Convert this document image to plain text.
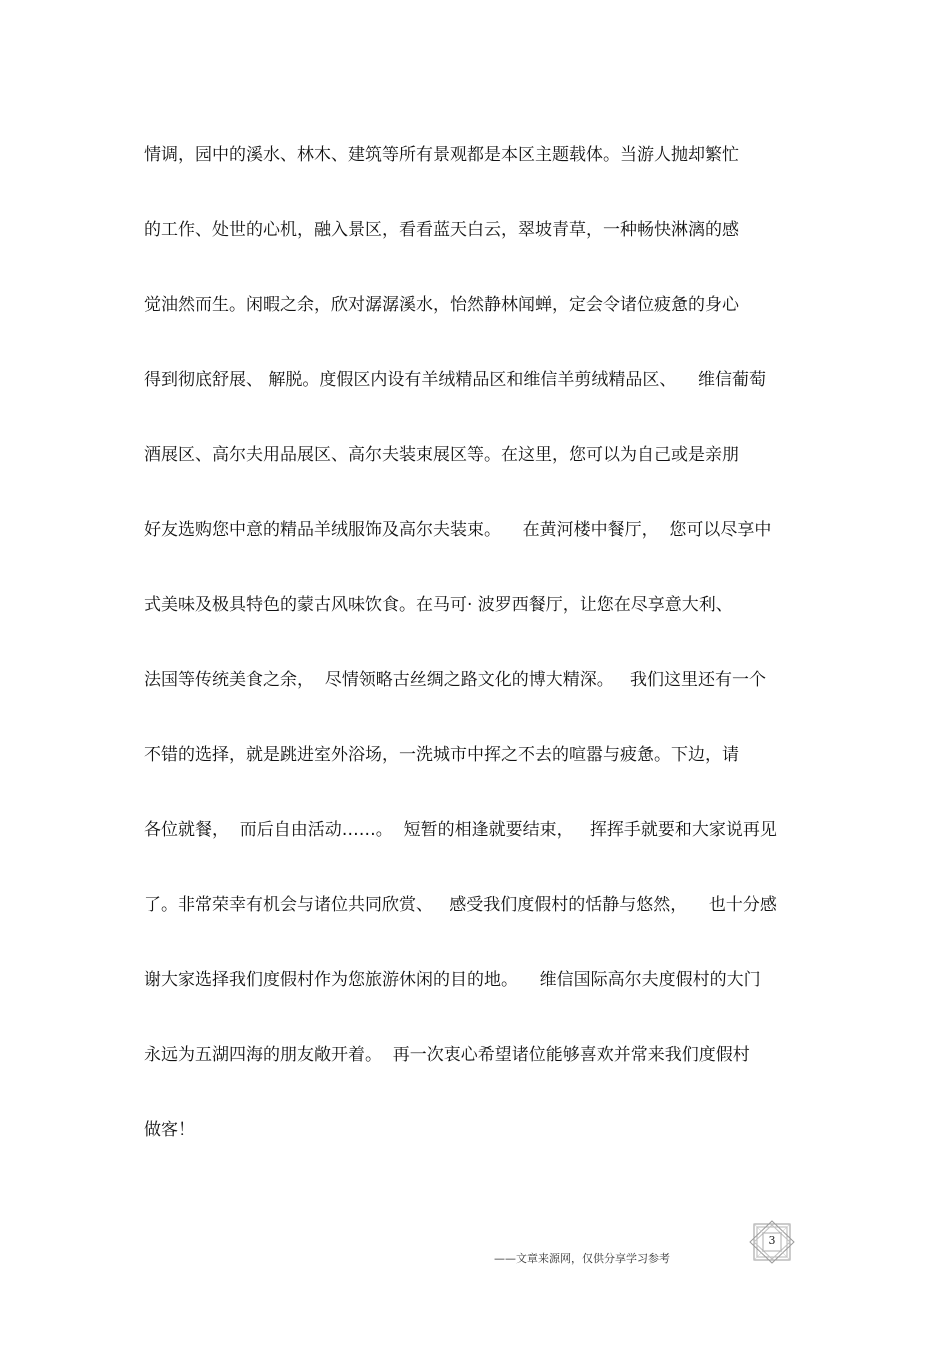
情调，园中的溪水、林木、建筑等所有景观都是本区主题载体。当游人抛却繁忙
的工作、处世的心机，融入景区，看看蓝天白云，翠坡青草，一种畅快淋漓的感
觉油然而生。闲暇之余，欣对潺潺溪水，怡然静林闻蝉，定会令诸位疲惫的身心
得到彻底舒展、 解脱。度假区内设有羊绒精品区和维信羊剪绒精品区、    维信葡萄
酒展区、高尔夫用品展区、高尔夫装束展区等。在这里，您可以为自己或是亲朋
好友选购您中意的精品羊绒服饰及高尔夫装束。    在黄河楼中餐厅，  您可以尽享中
式美味及极具特色的蒙古风味饮食。在马可· 波罗西餐厅，让您在尽享意大利、
法国等传统美食之余，  尽情领略古丝绸之路文化的博大精深。   我们这里还有一个
不错的选择，就是跳进室外浴场，一洗城市中挥之不去的喧嚣与疲惫。下边，请
各位就餐，  而后自由活动……。  短暂的相逢就要结束，   挥挥手就要和大家说再见
了。非常荣幸有机会与诸位共同欣赏、   感受我们度假村的恬静与悠然，    也十分感
谢大家选择我们度假村作为您旅游休闲的目的地。    维信国际高尔夫度假村的大门
永远为五湖四海的朋友敞开着。  再一次衷心希望诸位能够喜欢并常来我们度假村
做客！
——文章来源网，仅供分享学习参考
3
